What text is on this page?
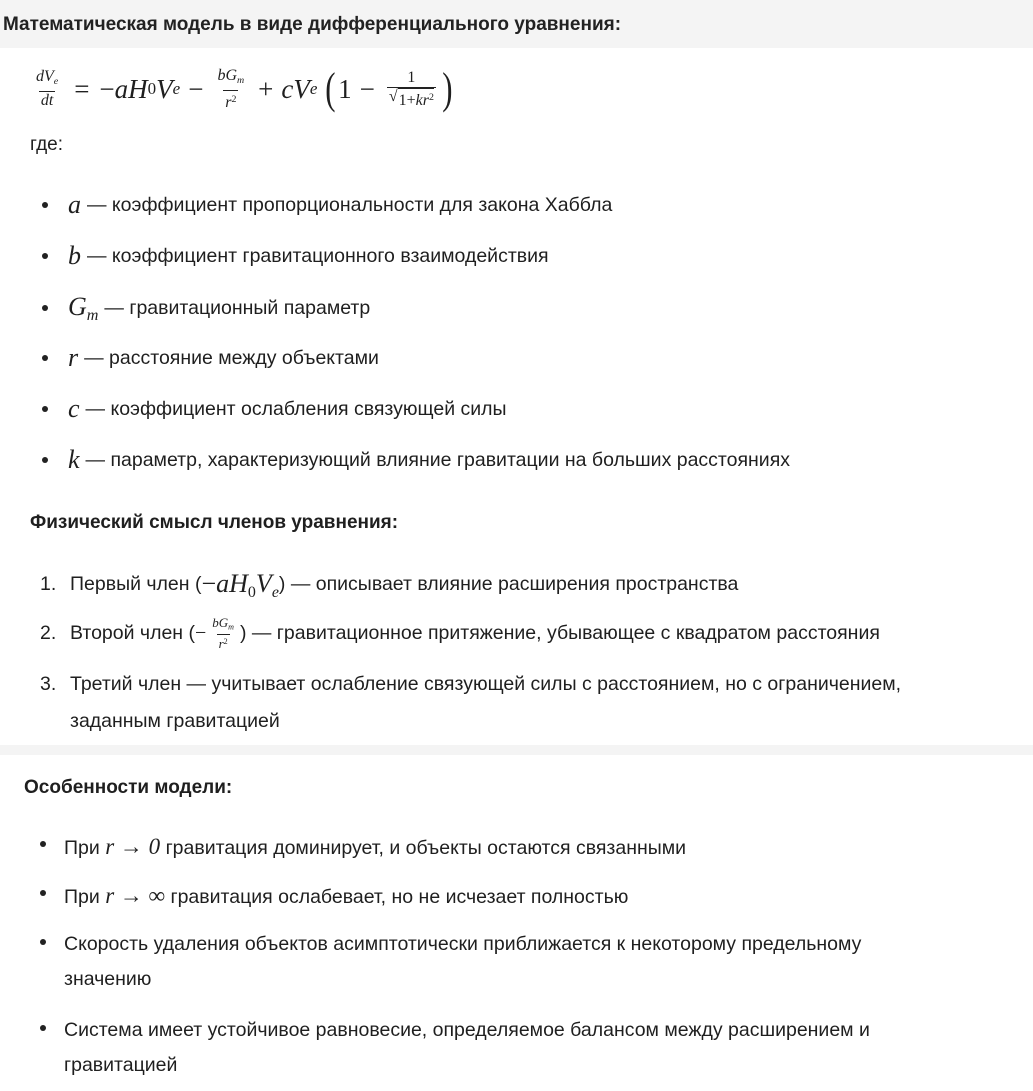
Математическая модель в виде дифференциального уравнения:
$\frac{dV_e}{dt}$ = − aH 0 V $e - \frac{bG_m}{r^2}$ + cV e ( $1 - \frac{1}{√ 1+kr^2}$ )
где:
a — коэффициент пропорциональности для закона Хаббла
b — коэффициент гравитационного взаимодействия
$G_m$ — гравитационный параметр
r — расстояние между объектами
c — коэффициент ослабления связующей силы
k — параметр, характеризующий влияние гравитации на больших расстояниях
Физический смысл членов уравнения:
1. Первый член ( $-aH_0V_e$ ) — описывает влияние расширения пространства
2. Второй член ( − $\frac{bG_m}{r^2}$ ) — гравитационное притяжение, убывающее с квадратом расстояния
3. Третий член — учитывает ослабление связующей силы с расстоянием, но с ограничением,
заданным гравитацией
Особенности модели:
При r → 0 гравитация доминирует, и объекты остаются связанными
При r → ∞ гравитация ослабевает, но не исчезает полностью
Скорость удаления объектов асимптотически приближается к некоторому предельному
значению
Система имеет устойчивое равновесие, определяемое балансом между расширением и
гравитацией
